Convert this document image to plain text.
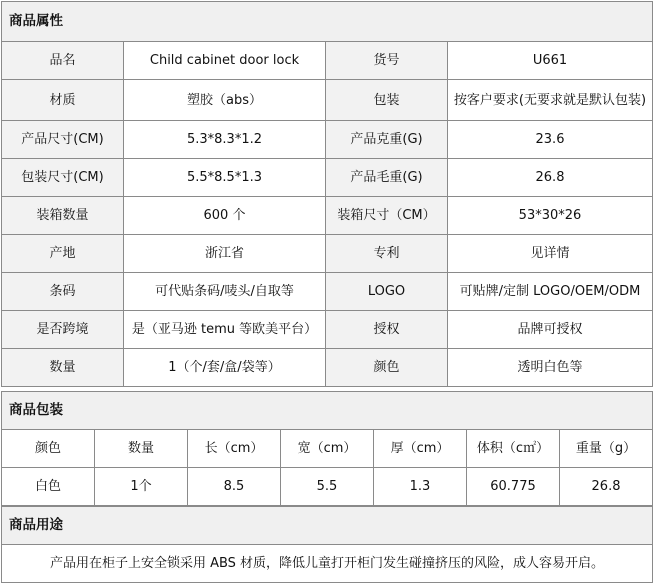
商品属性			
品名	Child cabinet door lock	货号	U661
材质	塑胶（abs）	包装	按客户要求(无要求就是默认包装)
产品尺寸(CM)	5.3*8.3*1.2	产品克重(G)	23.6
包装尺寸(CM)	5.5*8.5*1.3	产品毛重(G)	26.8
装箱数量	600 个	装箱尺寸（CM）	53*30*26
产地	浙江省	专利	见详情
条码	可代贴条码/唛头/自取等	LOGO	可贴牌/定制 LOGO/OEM/ODM
是否跨境	是（亚马逊 temu 等欧美平台）	授权	品牌可授权
数量	1（个/套/盒/袋等）	颜色	透明白色等
商品包装						
颜色	数量	长（cm）	宽（cm）	厚（cm）	体积（c㎡）	重量（g）
白色	1个	8.5	5.5	1.3	60.775	26.8
商品用途
产品用在柜子上安全锁采用 ABS 材质，降低儿童打开柜门发生碰撞挤压的风险，成人容易开启。
